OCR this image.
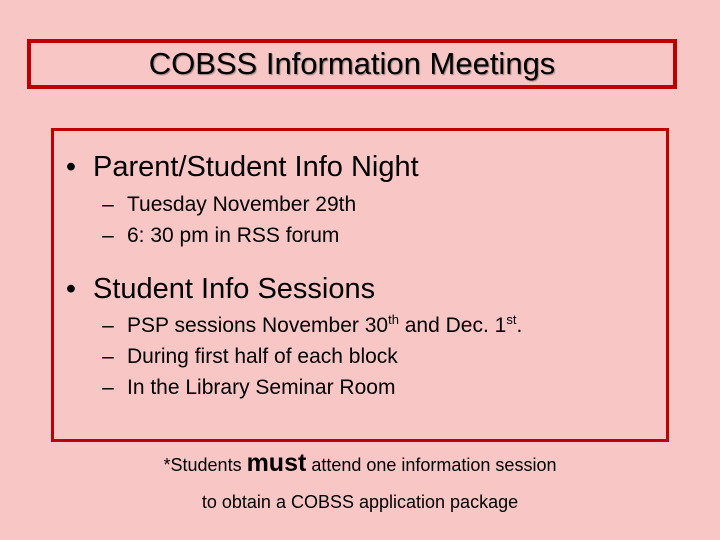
COBSS Information Meetings
• Parent/Student Info Night
– Tuesday November 29th
– 6: 30 pm in RSS forum
• Student Info Sessions
– PSP sessions November 30th and Dec. 1st.
– During first half of each block
– In the Library Seminar Room
*Students must attend one information session
to obtain a COBSS application package
